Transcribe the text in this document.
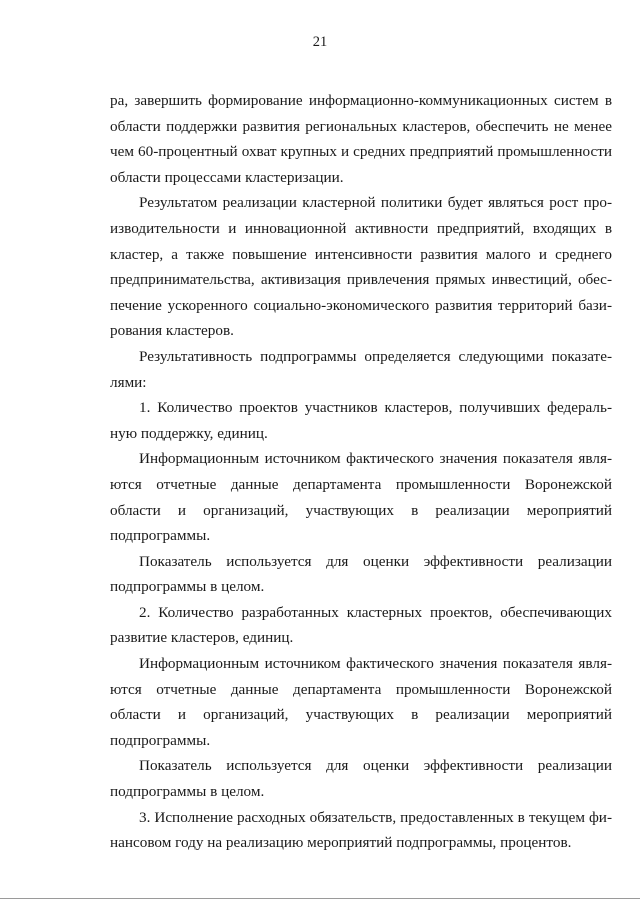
21

ра, завершить формирование информационно-коммуникационных систем в области поддержки развития региональных кластеров, обеспечить не менее чем 60-процентный охват крупных и средних предприятий промышленности области процессами кластеризации.

Результатом реализации кластерной политики будет являться рост производительности и инновационной активности предприятий, входящих в кластер, а также повышение интенсивности развития малого и среднего предпринимательства, активизация привлечения прямых инвестиций, обеспечение ускоренного социально-экономического развития территорий базирования кластеров.

Результативность подпрограммы определяется следующими показателями:

1. Количество проектов участников кластеров, получивших федеральную поддержку, единиц.

Информационным источником фактического значения показателя являются отчетные данные департамента промышленности Воронежской области и организаций, участвующих в реализации мероприятий подпрограммы.

Показатель используется для оценки эффективности реализации подпрограммы в целом.

2. Количество разработанных кластерных проектов, обеспечивающих развитие кластеров, единиц.

Информационным источником фактического значения показателя являются отчетные данные департамента промышленности Воронежской области и организаций, участвующих в реализации мероприятий подпрограммы.

Показатель используется для оценки эффективности реализации подпрограммы в целом.

3. Исполнение расходных обязательств, предоставленных в текущем финансовом году на реализацию мероприятий подпрограммы, процентов.
